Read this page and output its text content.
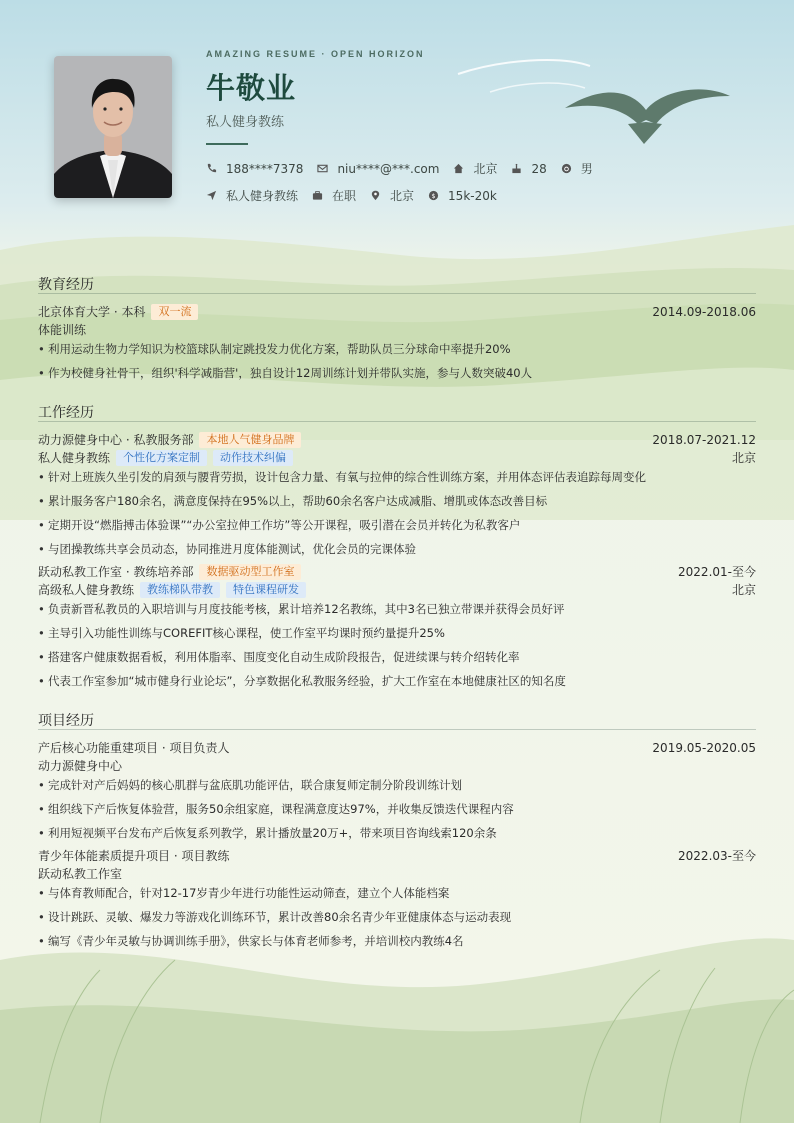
AMAZING RESUME · OPEN HORIZON
牛敬业
私人健身教练
188****7378	niu****@***.com	北京	28	男
私人健身教练	在职	北京 $ 15k-20k
教育经历
北京体育大学 · 本科	双一流	2014.09-2018.06
体能训练
• 利用运动生物力学知识为校篮球队制定跳投发力优化方案，帮助队员三分球命中率提升20%
• 作为校健身社骨干，组织'科学减脂营'，独自设计12周训练计划并带队实施，参与人数突破40人
工作经历
动力源健身中心 · 私教服务部	本地人气健身品牌	2018.07-2021.12
私人健身教练	个性化方案定制	动作技术纠偏	北京
• 针对上班族久坐引发的肩颈与腰背劳损，设计包含力量、有氧与拉伸的综合性训练方案，并用体态评估表追踪每周变化
• 累计服务客户180余名，满意度保持在95%以上，帮助60余名客户达成减脂、增肌或体态改善目标
• 定期开设“燃脂搏击体验课”“办公室拉伸工作坊”等公开课程，吸引潜在会员并转化为私教客户
• 与团操教练共享会员动态，协同推进月度体能测试，优化会员的完课体验
跃动私教工作室 · 教练培养部	数据驱动型工作室	2022.01-至今
高级私人健身教练	教练梯队带教	特色课程研发	北京
• 负责新晋私教员的入职培训与月度技能考核，累计培养12名教练，其中3名已独立带课并获得会员好评
• 主导引入功能性训练与COREFIT核心课程，使工作室平均课时预约量提升25%
• 搭建客户健康数据看板，利用体脂率、围度变化自动生成阶段报告，促进续课与转介绍转化率
• 代表工作室参加“城市健身行业论坛”，分享数据化私教服务经验，扩大工作室在本地健康社区的知名度
项目经历
产后核心功能重建项目 · 项目负责人	2019.05-2020.05
动力源健身中心
• 完成针对产后妈妈的核心肌群与盆底肌功能评估，联合康复师定制分阶段训练计划
• 组织线下产后恢复体验营，服务50余组家庭，课程满意度达97%，并收集反馈迭代课程内容
• 利用短视频平台发布产后恢复系列教学，累计播放量20万+，带来项目咨询线索120余条
青少年体能素质提升项目 · 项目教练	2022.03-至今
跃动私教工作室
• 与体育教师配合，针对12-17岁青少年进行功能性运动筛查，建立个人体能档案
• 设计跳跃、灵敏、爆发力等游戏化训练环节，累计改善80余名青少年亚健康体态与运动表现
• 编写《青少年灵敏与协调训练手册》，供家长与体育老师参考，并培训校内教练4名
